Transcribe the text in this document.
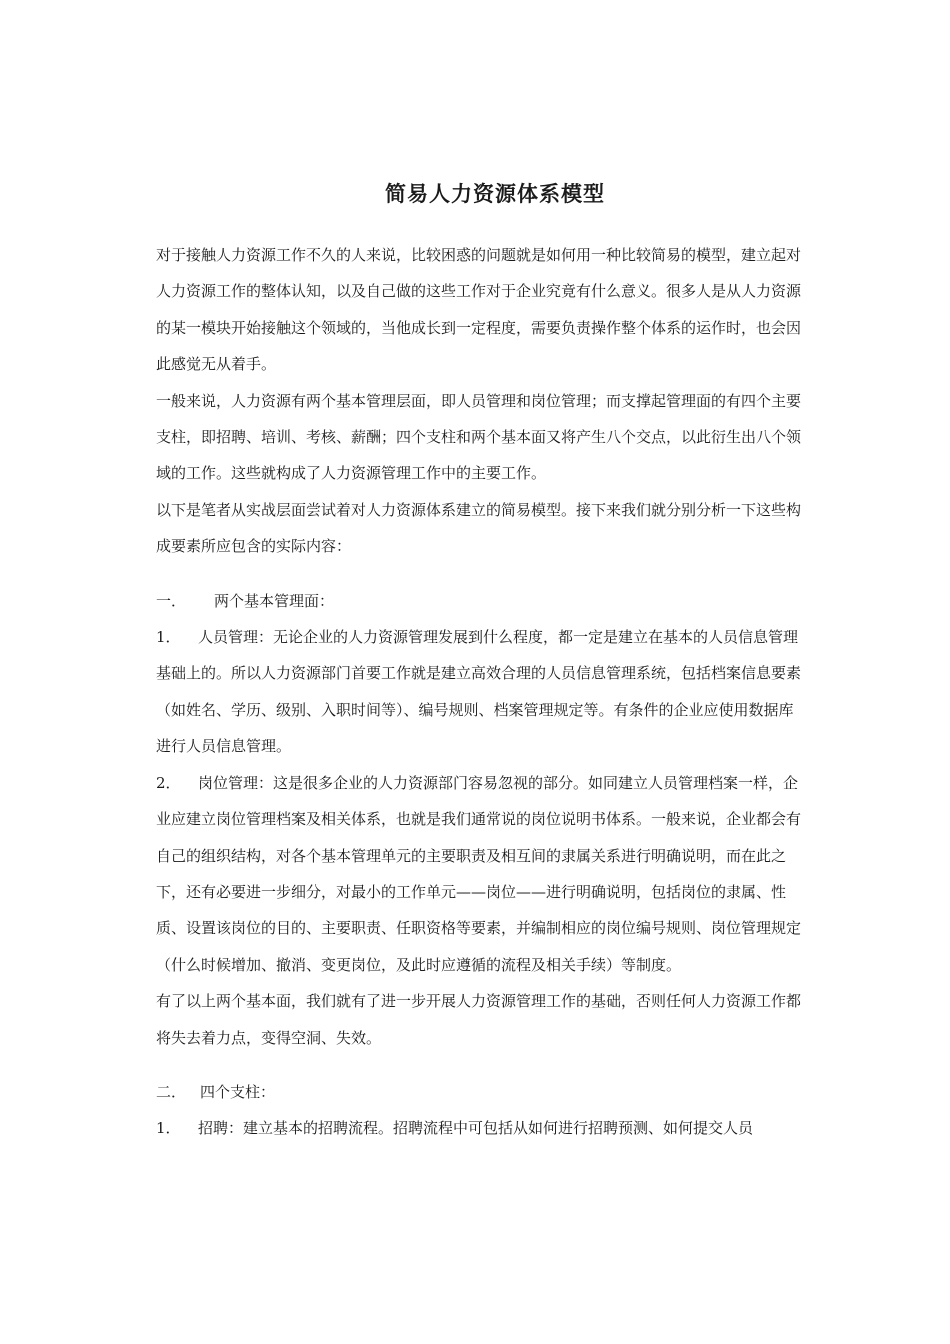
简易人力资源体系模型

对于接触人力资源工作不久的人来说，比较困惑的问题就是如何用一种比较简易的模型，建立起对人力资源工作的整体认知，以及自己做的这些工作对于企业究竟有什么意义。很多人是从人力资源的某一模块开始接触这个领域的，当他成长到一定程度，需要负责操作整个体系的运作时，也会因此感觉无从着手。

一般来说，人力资源有两个基本管理层面，即人员管理和岗位管理；而支撑起管理面的有四个主要支柱，即招聘、培训、考核、薪酬；四个支柱和两个基本面又将产生八个交点，以此衍生出八个领域的工作。这些就构成了人力资源管理工作中的主要工作。

以下是笔者从实战层面尝试着对人力资源体系建立的简易模型。接下来我们就分别分析一下这些构成要素所应包含的实际内容：

一． 两个基本管理面：

1． 人员管理：无论企业的人力资源管理发展到什么程度，都一定是建立在基本的人员信息管理基础上的。所以人力资源部门首要工作就是建立高效合理的人员信息管理系统，包括档案信息要素（如姓名、学历、级别、入职时间等）、编号规则、档案管理规定等。有条件的企业应使用数据库进行人员信息管理。

2． 岗位管理：这是很多企业的人力资源部门容易忽视的部分。如同建立人员管理档案一样，企业应建立岗位管理档案及相关体系，也就是我们通常说的岗位说明书体系。一般来说，企业都会有自己的组织结构，对各个基本管理单元的主要职责及相互间的隶属关系进行明确说明，而在此之下，还有必要进一步细分，对最小的工作单元——岗位——进行明确说明，包括岗位的隶属、性质、设置该岗位的目的、主要职责、任职资格等要素，并编制相应的岗位编号规则、岗位管理规定（什么时候增加、撤消、变更岗位，及此时应遵循的流程及相关手续）等制度。

有了以上两个基本面，我们就有了进一步开展人力资源管理工作的基础，否则任何人力资源工作都将失去着力点，变得空洞、失效。

二． 四个支柱：

1． 招聘：建立基本的招聘流程。招聘流程中可包括从如何进行招聘预测、如何提交人员
